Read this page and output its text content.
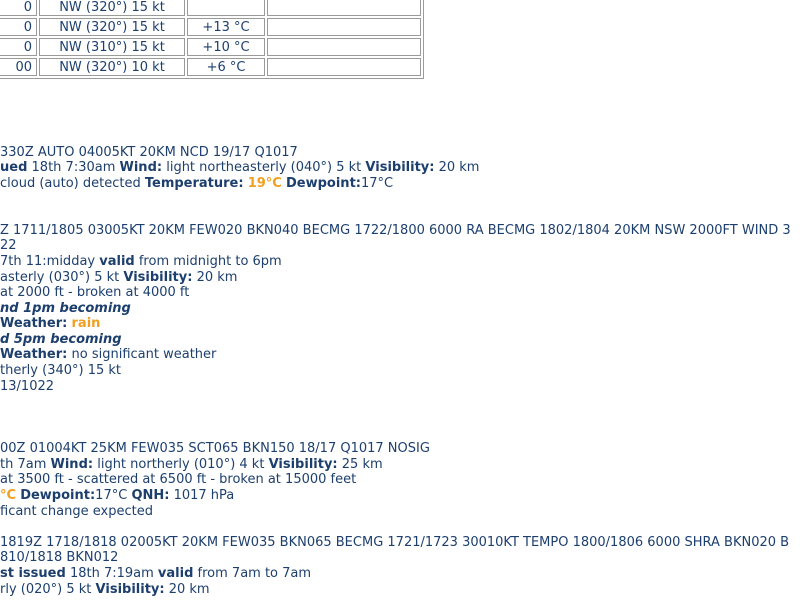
0	NW (320°) 15 kt		
0	NW (320°) 15 kt	+13 °C	
0	NW (310°) 15 kt	+10 °C	
00	NW (320°) 10 kt	+6 °C	
330Z AUTO 04005KT 20KM NCD 19/17 Q1017
ued 18th 7:30am Wind: light northeasterly (040°) 5 kt Visibility: 20 km
cloud (auto) detected Temperature: 19°C Dewpoint:17°C
Z 1711/1805 03005KT 20KM FEW020 BKN040 BECMG 1722/1800 6000 RA BECMG 1802/1804 20KM NSW 2000FT WIND 3
22
7th 11:midday valid from midnight to 6pm
asterly (030°) 5 kt Visibility: 20 km
at 2000 ft - broken at 4000 ft
nd 1pm becoming
Weather: rain
d 5pm becoming
Weather: no significant weather
therly (340°) 15 kt
13/1022
00Z 01004KT 25KM FEW035 SCT065 BKN150 18/17 Q1017 NOSIG
th 7am Wind: light northerly (010°) 4 kt Visibility: 25 km
at 3500 ft - scattered at 6500 ft - broken at 15000 feet
°C Dewpoint:17°C QNH: 1017 hPa
ficant change expected
1819Z 1718/1818 02005KT 20KM FEW035 BKN065 BECMG 1721/1723 30010KT TEMPO 1800/1806 6000 SHRA BKN020 B
810/1818 BKN012
st issued 18th 7:19am valid from 7am to 7am
rly (020°) 5 kt Visibility: 20 km
